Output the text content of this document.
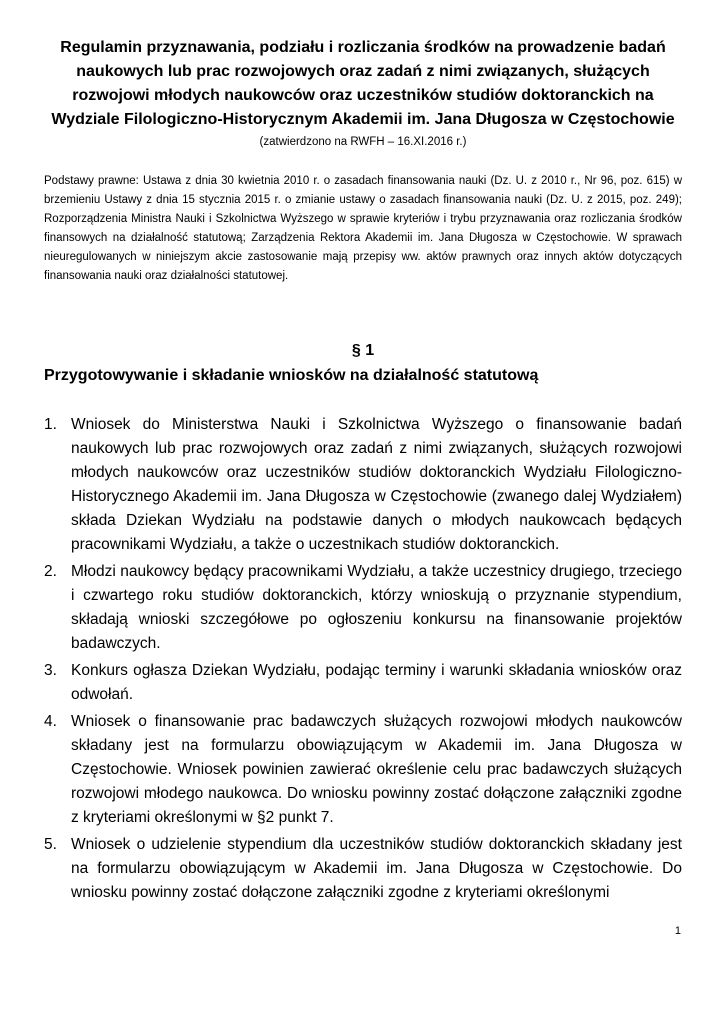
Regulamin przyznawania, podziału i rozliczania środków na prowadzenie badań naukowych lub prac rozwojowych oraz zadań z nimi związanych, służących rozwojowi młodych naukowców oraz uczestników studiów doktoranckich na Wydziale Filologiczno-Historycznym Akademii im. Jana Długosza w Częstochowie
(zatwierdzono na RWFH – 16.XI.2016 r.)
Podstawy prawne: Ustawa z dnia 30 kwietnia 2010 r. o zasadach finansowania nauki (Dz. U. z 2010 r., Nr 96, poz. 615) w brzemieniu Ustawy z dnia 15 stycznia 2015 r. o zmianie ustawy o zasadach finansowania nauki (Dz. U. z 2015, poz. 249); Rozporządzenia Ministra Nauki i Szkolnictwa Wyższego w sprawie kryteriów i trybu przyznawania oraz rozliczania środków finansowych na działalność statutową; Zarządzenia Rektora Akademii im. Jana Długosza w Częstochowie. W sprawach nieuregulowanych w niniejszym akcie zastosowanie mają przepisy ww. aktów prawnych oraz innych aktów dotyczących finansowania nauki oraz działalności statutowej.
§ 1
Przygotowywanie i składanie wniosków na działalność statutową
1. Wniosek do Ministerstwa Nauki i Szkolnictwa Wyższego o finansowanie badań naukowych lub prac rozwojowych oraz zadań z nimi związanych, służących rozwojowi młodych naukowców oraz uczestników studiów doktoranckich Wydziału Filologiczno-Historycznego Akademii im. Jana Długosza w Częstochowie (zwanego dalej Wydziałem) składa Dziekan Wydziału na podstawie danych o młodych naukowcach będących pracownikami Wydziału, a także o uczestnikach studiów doktoranckich.
2. Młodzi naukowcy będący pracownikami Wydziału, a także uczestnicy drugiego, trzeciego i czwartego roku studiów doktoranckich, którzy wnioskują o przyznanie stypendium, składają wnioski szczegółowe po ogłoszeniu konkursu na finansowanie projektów badawczych.
3. Konkurs ogłasza Dziekan Wydziału, podając terminy i warunki składania wniosków oraz odwołań.
4. Wniosek o finansowanie prac badawczych służących rozwojowi młodych naukowców składany jest na formularzu obowiązującym w Akademii im. Jana Długosza w Częstochowie. Wniosek powinien zawierać określenie celu prac badawczych służących rozwojowi młodego naukowca. Do wniosku powinny zostać dołączone załączniki zgodne z kryteriami określonymi w §2 punkt 7.
5. Wniosek o udzielenie stypendium dla uczestników studiów doktoranckich składany jest na formularzu obowiązującym w Akademii im. Jana Długosza w Częstochowie. Do wniosku powinny zostać dołączone załączniki zgodne z kryteriami określonymi
1
